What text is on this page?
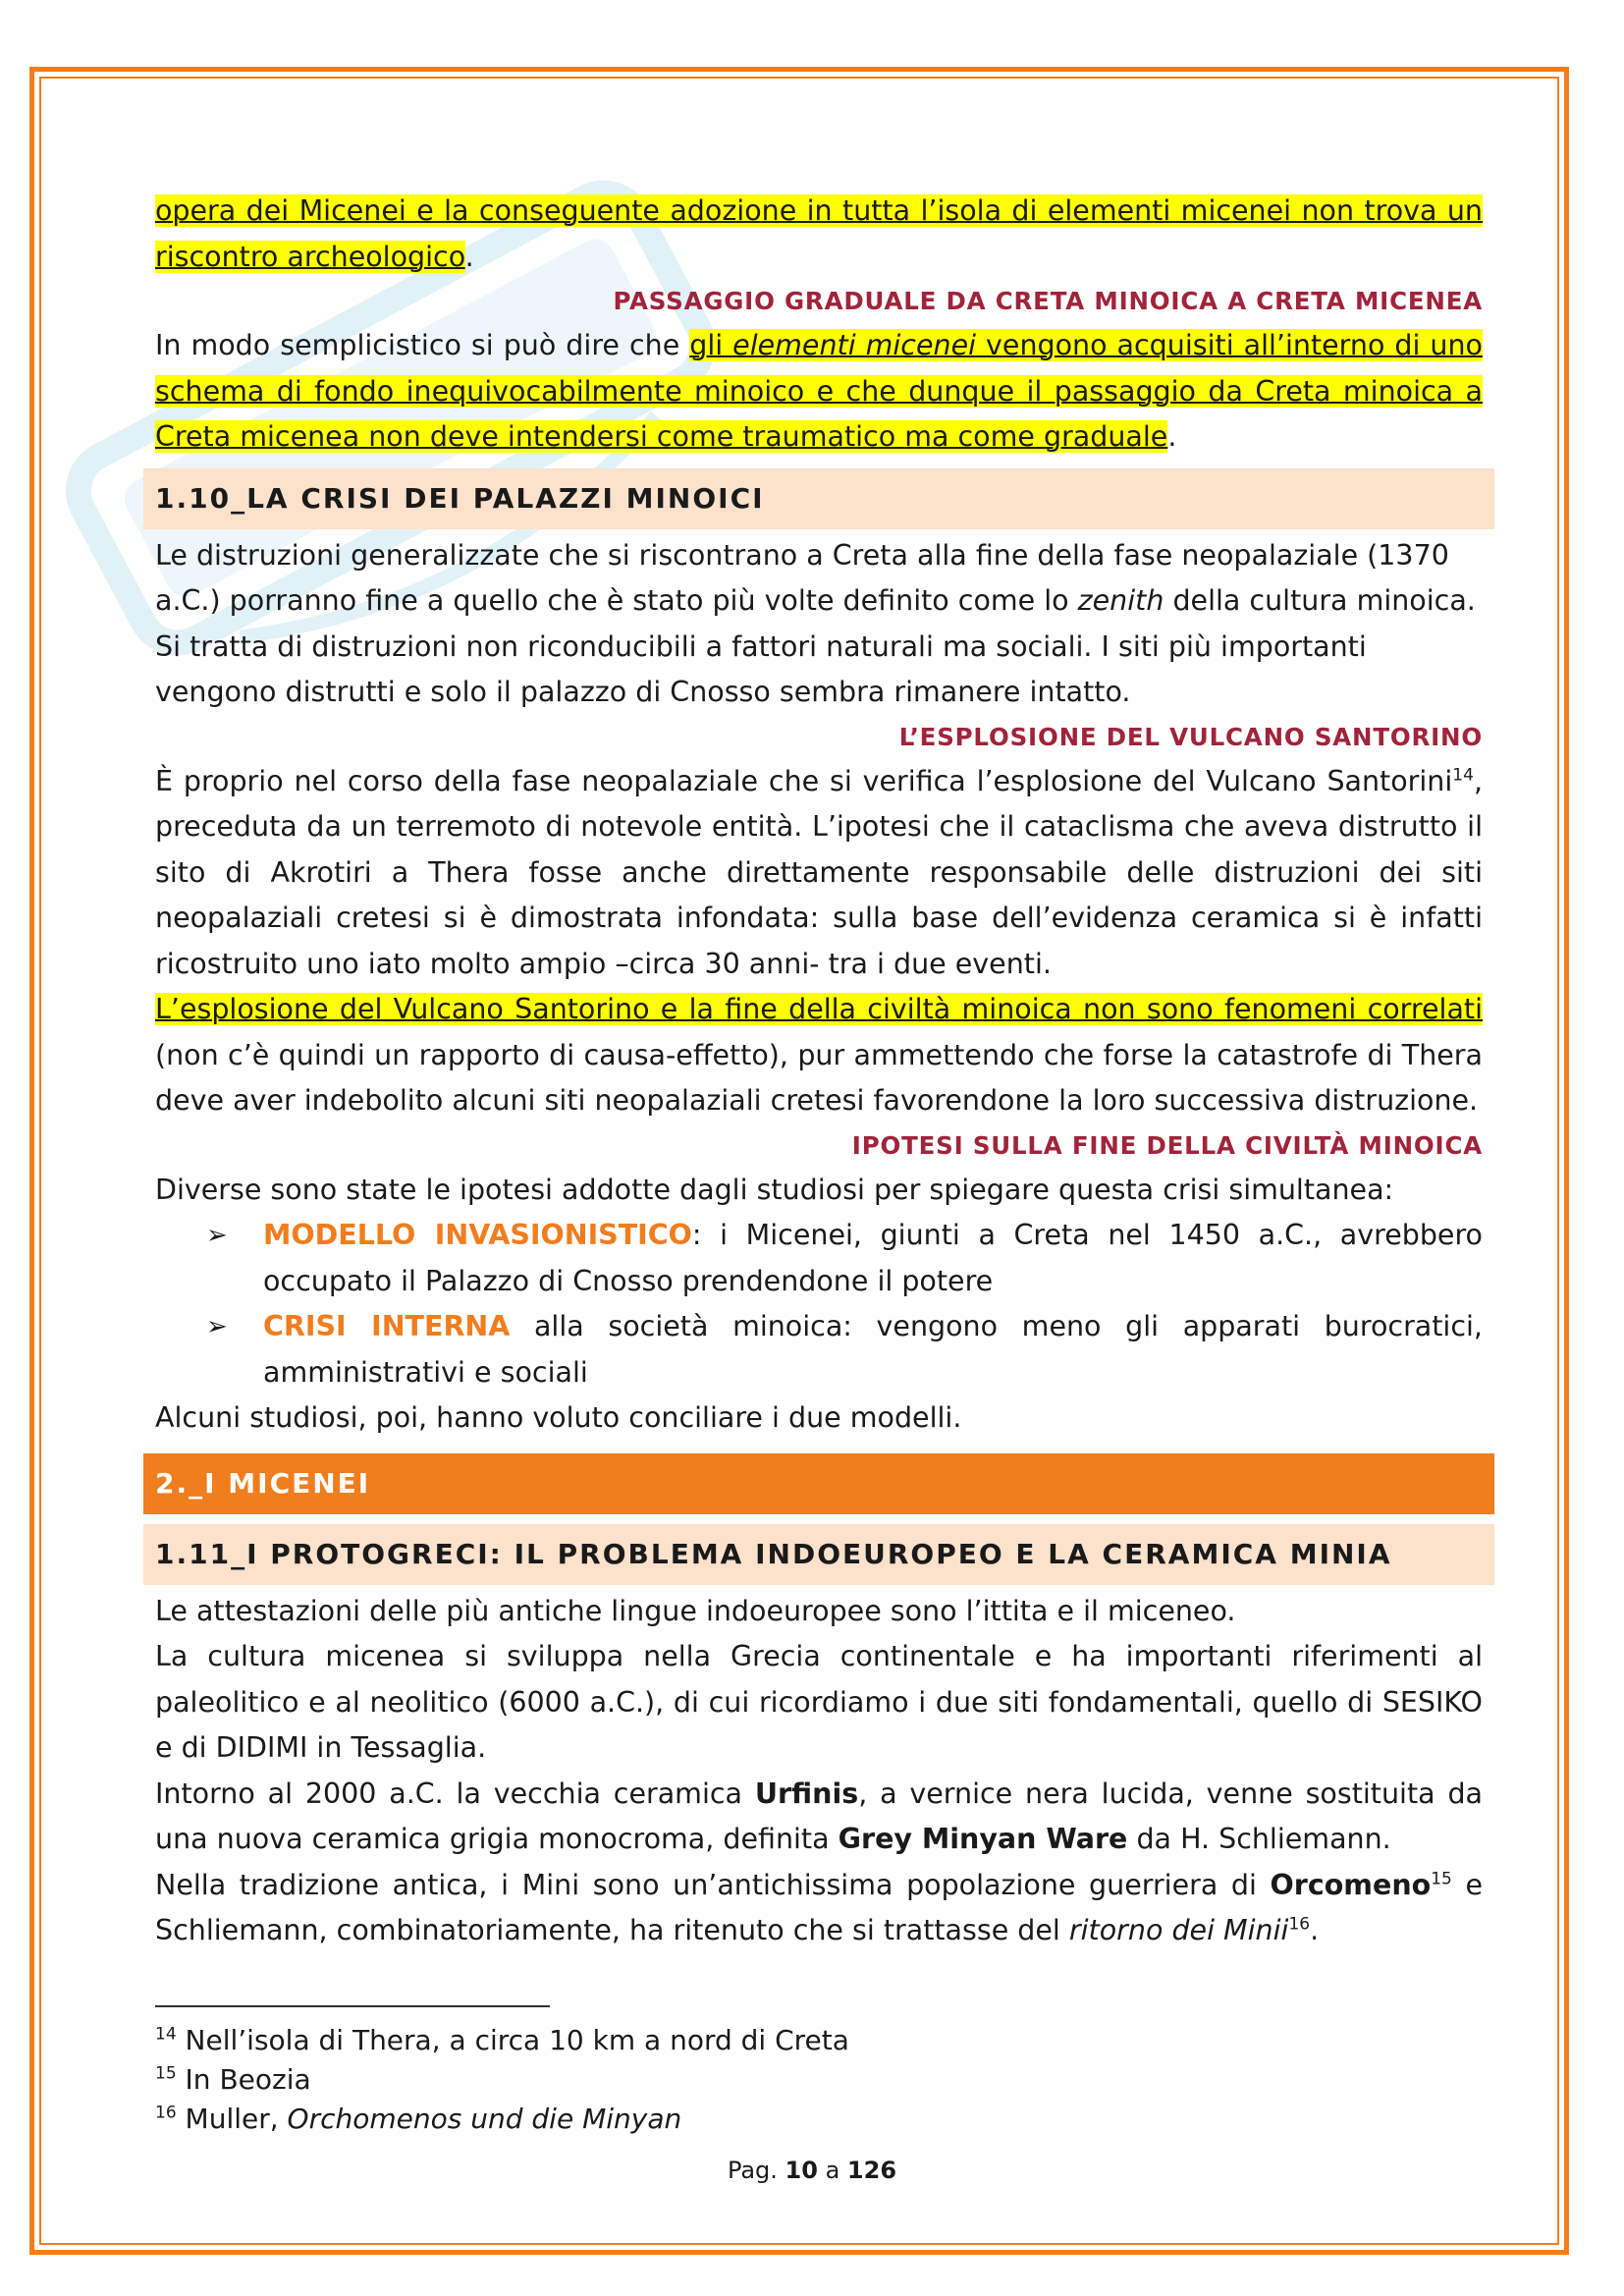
opera dei Micenei e la conseguente adozione in tutta l’isola di elementi micenei non trova un riscontro archeologico.

PASSAGGIO GRADUALE DA CRETA MINOICA A CRETA MICENEA

In modo semplicistico si può dire che gli elementi micenei vengono acquisiti all’interno di uno schema di fondo inequivocabilmente minoico e che dunque il passaggio da Creta minoica a Creta micenea non deve intendersi come traumatico ma come graduale.

1.10_LA CRISI DEI PALAZZI MINOICI

Le distruzioni generalizzate che si riscontrano a Creta alla fine della fase neopalaziale (1370 a.C.) porranno fine a quello che è stato più volte definito come lo zenith della cultura minoica.

Si tratta di distruzioni non riconducibili a fattori naturali ma sociali. I siti più importanti vengono distrutti e solo il palazzo di Cnosso sembra rimanere intatto.

L’ESPLOSIONE DEL VULCANO SANTORINO

È proprio nel corso della fase neopalaziale che si verifica l’esplosione del Vulcano Santorini$^{14}$, preceduta da un terremoto di notevole entità. L’ipotesi che il cataclisma che aveva distrutto il sito di Akrotiri a Thera fosse anche direttamente responsabile delle distruzioni dei siti neopalaziali cretesi si è dimostrata infondata: sulla base dell’evidenza ceramica si è infatti ricostruito uno iato molto ampio –circa 30 anni- tra i due eventi.

L’esplosione del Vulcano Santorino e la fine della civiltà minoica non sono fenomeni correlati (non c’è quindi un rapporto di causa-effetto), pur ammettendo che forse la catastrofe di Thera deve aver indebolito alcuni siti neopalaziali cretesi favorendone la loro successiva distruzione.

IPOTESI SULLA FINE DELLA CIVILTÀ MINOICA

Diverse sono state le ipotesi addotte dagli studiosi per spiegare questa crisi simultanea:

➢	MODELLO INVASIONISTICO: i Micenei, giunti a Creta nel 1450 a.C., avrebbero occupato il Palazzo di Cnosso prendendone il potere
➢	CRISI INTERNA alla società minoica: vengono meno gli apparati burocratici, amministrativi e sociali

Alcuni studiosi, poi, hanno voluto conciliare i due modelli.

2._I MICENEI
1.11_I PROTOGRECI: IL PROBLEMA INDOEUROPEO E LA CERAMICA MINIA

Le attestazioni delle più antiche lingue indoeuropee sono l’ittita e il miceneo.

La cultura micenea si sviluppa nella Grecia continentale e ha importanti riferimenti al paleolitico e al neolitico (6000 a.C.), di cui ricordiamo i due siti fondamentali, quello di SESIKO e di DIDIMI in Tessaglia.

Intorno al 2000 a.C. la vecchia ceramica Urfinis, a vernice nera lucida, venne sostituita da una nuova ceramica grigia monocroma, definita Grey Minyan Ware da H. Schliemann.

Nella tradizione antica, i Mini sono un’antichissima popolazione guerriera di Orcomeno$^{15}$ e Schliemann, combinatoriamente, ha ritenuto che si trattasse del ritorno dei Minii$^{16}$.

$^{14}$ Nell’isola di Thera, a circa 10 km a nord di Creta
$^{15}$ In Beozia
$^{16}$ Muller, Orchomenos und die Minyan
Pag. 10 a 126
